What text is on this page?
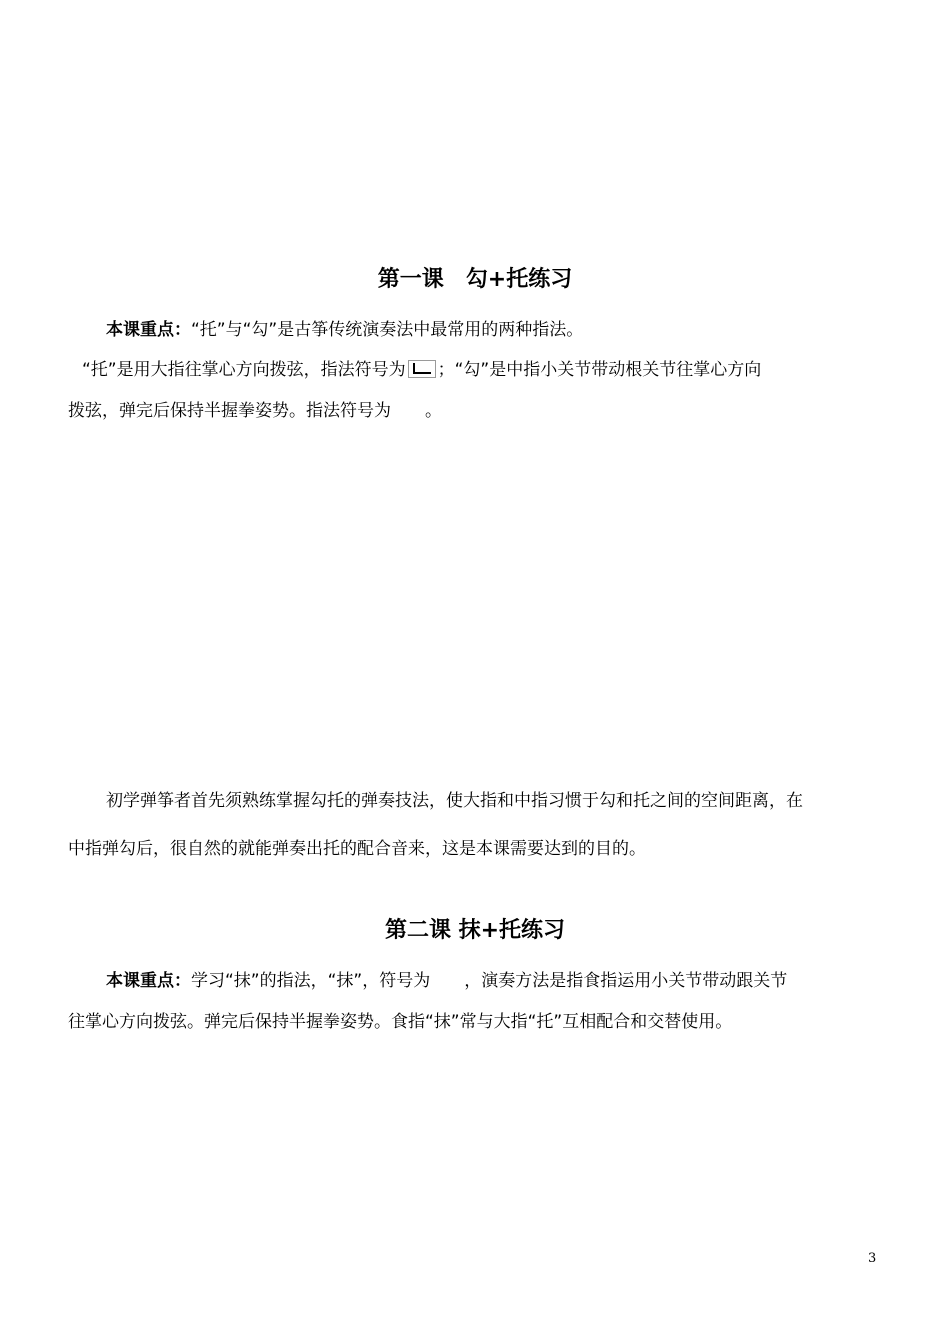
第一课　勾+托练习

本课重点：“托”与“勾”是古筝传统演奏法中最常用的两种指法。

“托”是用大指往掌心方向拨弦，指法符号为 ；“勾”是中指小关节带动根关节往掌心方向

拨弦，弹完后保持半握拳姿势。指法符号为 。

初学弹筝者首先须熟练掌握勾托的弹奏技法，使大指和中指习惯于勾和托之间的空间距离，在

中指弹勾后，很自然的就能弹奏出托的配合音来，这是本课需要达到的目的。

第二课 抹+托练习

本课重点：学习“抹”的指法，“抹”，符号为 ，演奏方法是指食指运用小关节带动跟关节

往掌心方向拨弦。弹完后保持半握拳姿势。食指“抹”常与大指“托”互相配合和交替使用。

3
